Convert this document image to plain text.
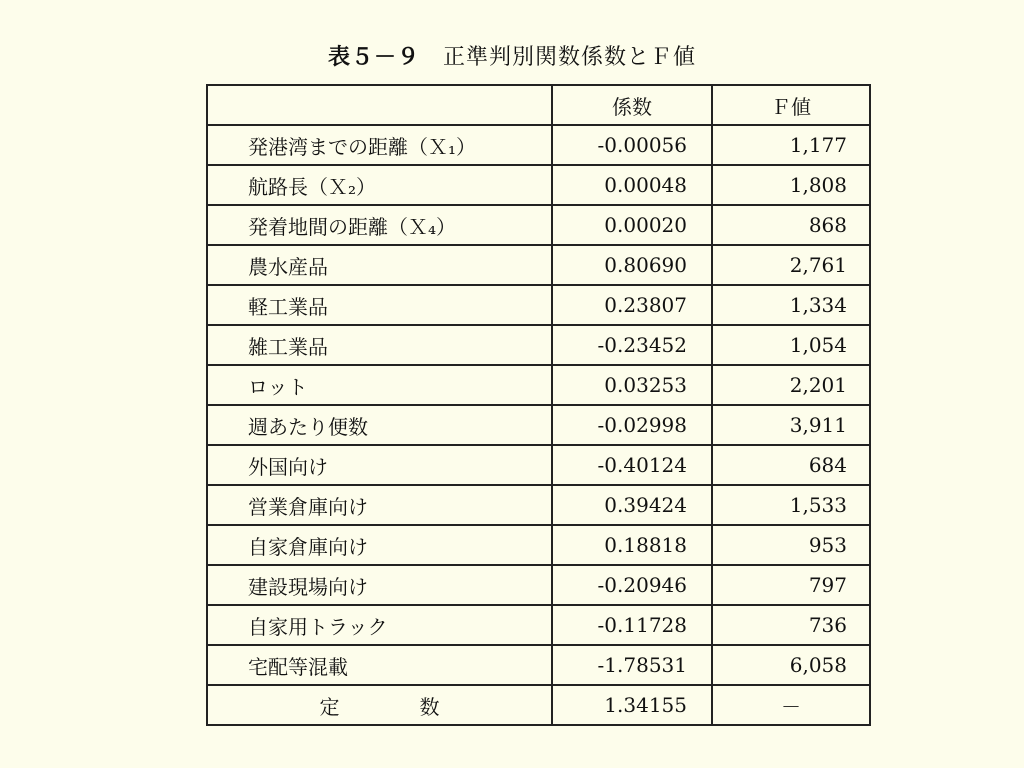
表５－９　 正準判別関数係数とＦ値
	係数	Ｆ値
発港湾までの距離（Ｘ₁）	-0.00056	1,177
航路長（Ｘ₂）	0.00048	1,808
発着地間の距離（Ｘ₄）	0.00020	868
農水産品	0.80690	2,761
軽工業品	0.23807	1,334
雑工業品	-0.23452	1,054
ロット	0.03253	2,201
週あたり便数	-0.02998	3,911
外国向け	-0.40124	684
営業倉庫向け	0.39424	1,533
自家倉庫向け	0.18818	953
建設現場向け	-0.20946	797
自家用トラック	-0.11728	736
宅配等混載	-1.78531	6,058
定　　　　数	1.34155	－
